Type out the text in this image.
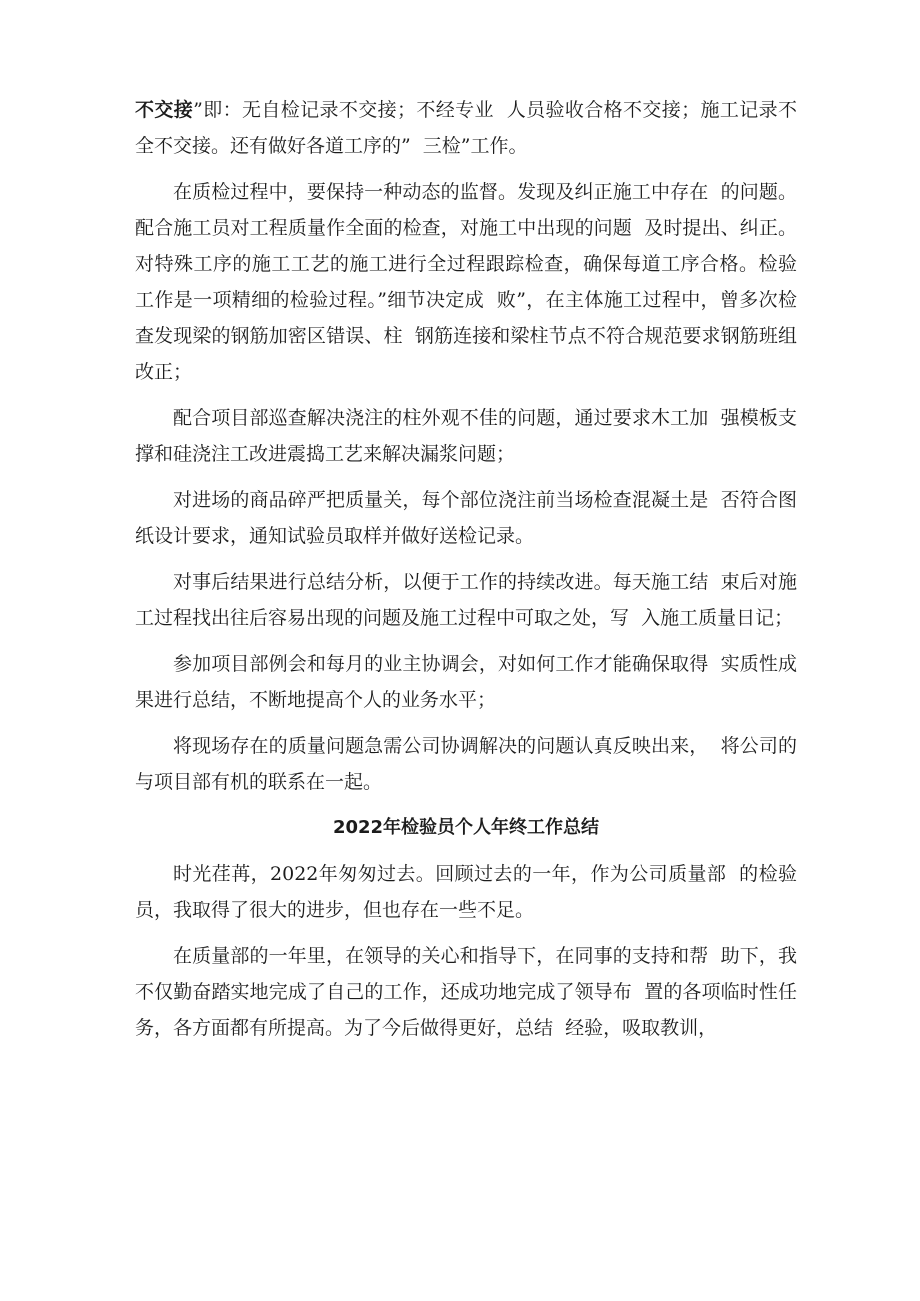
不交接”即：无自检记录不交接；不经专业  人员验收合格不交接；施工记录不全不交接。还有做好各道工序的”  三检”工作。

在质检过程中，要保持一种动态的监督。发现及纠正施工中存在  的问题。配合施工员对工程质量作全面的检查，对施工中出现的问题  及时提出、纠正。对特殊工序的施工工艺的施工进行全过程跟踪检查，确保每道工序合格。检验工作是一项精细的检验过程。”细节决定成  败”，在主体施工过程中，曾多次检查发现梁的钢筋加密区错误、柱  钢筋连接和梁柱节点不符合规范要求钢筋班组改正；

配合项目部巡查解决浇注的柱外观不佳的问题，通过要求木工加  强模板支撑和硅浇注工改进震捣工艺来解决漏浆问题；

对进场的商品碎严把质量关，每个部位浇注前当场检查混凝土是  否符合图纸设计要求，通知试验员取样并做好送检记录。

对事后结果进行总结分析，以便于工作的持续改进。每天施工结  束后对施工过程找出往后容易出现的问题及施工过程中可取之处，写  入施工质量日记；

参加项目部例会和每月的业主协调会，对如何工作才能确保取得  实质性成果进行总结，不断地提高个人的业务水平；

将现场存在的质量问题急需公司协调解决的问题认真反映出来，  将公司的与项目部有机的联系在一起。

2022年检验员个人年终工作总结

时光荏苒，2022年匆匆过去。回顾过去的一年，作为公司质量部  的检验员，我取得了很大的进步，但也存在一些不足。

在质量部的一年里，在领导的关心和指导下，在同事的支持和帮  助下，我不仅勤奋踏实地完成了自己的工作，还成功地完成了领导布  置的各项临时性任务，各方面都有所提高。为了今后做得更好，总结  经验，吸取教训，
